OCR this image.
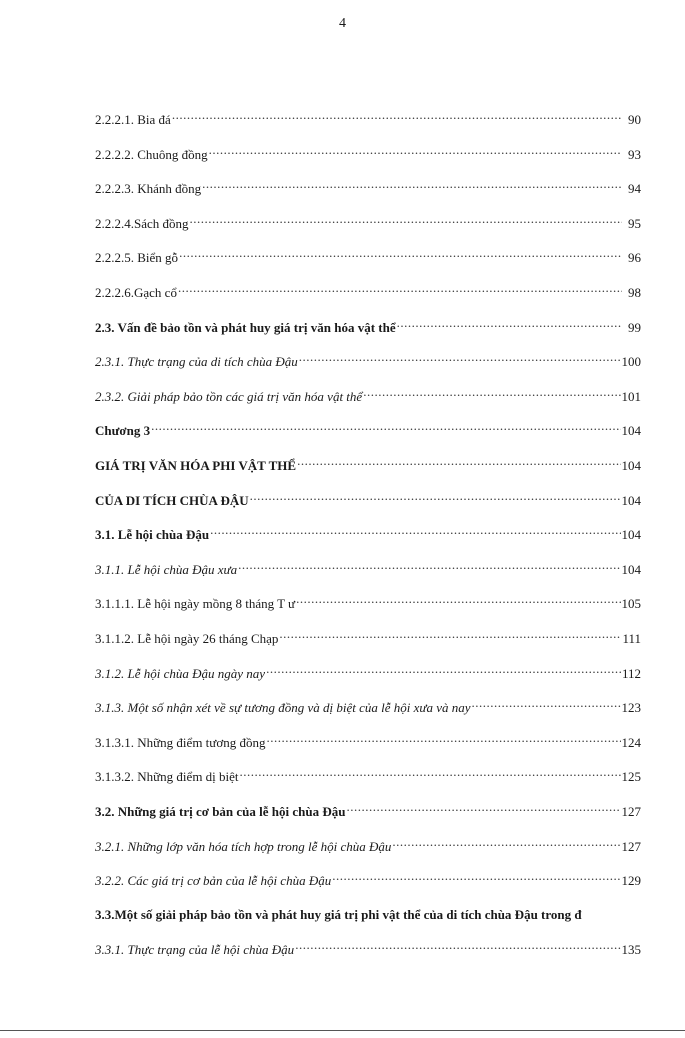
4
2.2.2.1. Bia đá .....	90
2.2.2.2. Chuông đồng .....	93
2.2.2.3. Khánh đồng .....	94
2.2.2.4.Sách đồng .....	95
2.2.2.5. Biển gỗ .....	96
2.2.2.6.Gạch cổ .....	98
2.3. Vấn đề bảo tồn và phát huy giá trị văn hóa vật thể .....	99
2.3.1. Thực trạng của di tích chùa Đậu .....	100
2.3.2. Giải pháp bảo tồn các giá trị văn hóa vật thể .....	101
Chương 3 .....	104
GIÁ TRỊ VĂN HÓA PHI VẬT THỂ .....	104
CỦA DI TÍCH CHÙA ĐẬU .....	104
3.1. Lễ hội chùa Đậu .....	104
3.1.1. Lễ hội chùa Đậu xưa .....	104
3.1.1.1. Lễ hội ngày mồng 8 tháng T ư .....	105
3.1.1.2. Lễ hội ngày 26 tháng Chạp .....	111
3.1.2. Lễ hội chùa Đậu ngày nay .....	112
3.1.3. Một số nhận xét về sự tương đồng và dị biệt của lễ hội xưa và nay .....	123
3.1.3.1. Những điểm tương đồng .....	124
3.1.3.2. Những điểm dị biệt .....	125
3.2. Những giá trị cơ bản của lễ hội chùa Đậu .....	127
3.2.1. Những lớp văn hóa tích hợp trong lễ hội chùa Đậu .....	127
3.2.2. Các giá trị cơ bản của lễ hội chùa Đậu .....	129
3.3.Một số giải pháp bảo tồn và phát huy giá trị phi vật thể của di tích chùa Đậu trong đ
3.3.1. Thực trạng của lễ hội chùa Đậu .....	135
